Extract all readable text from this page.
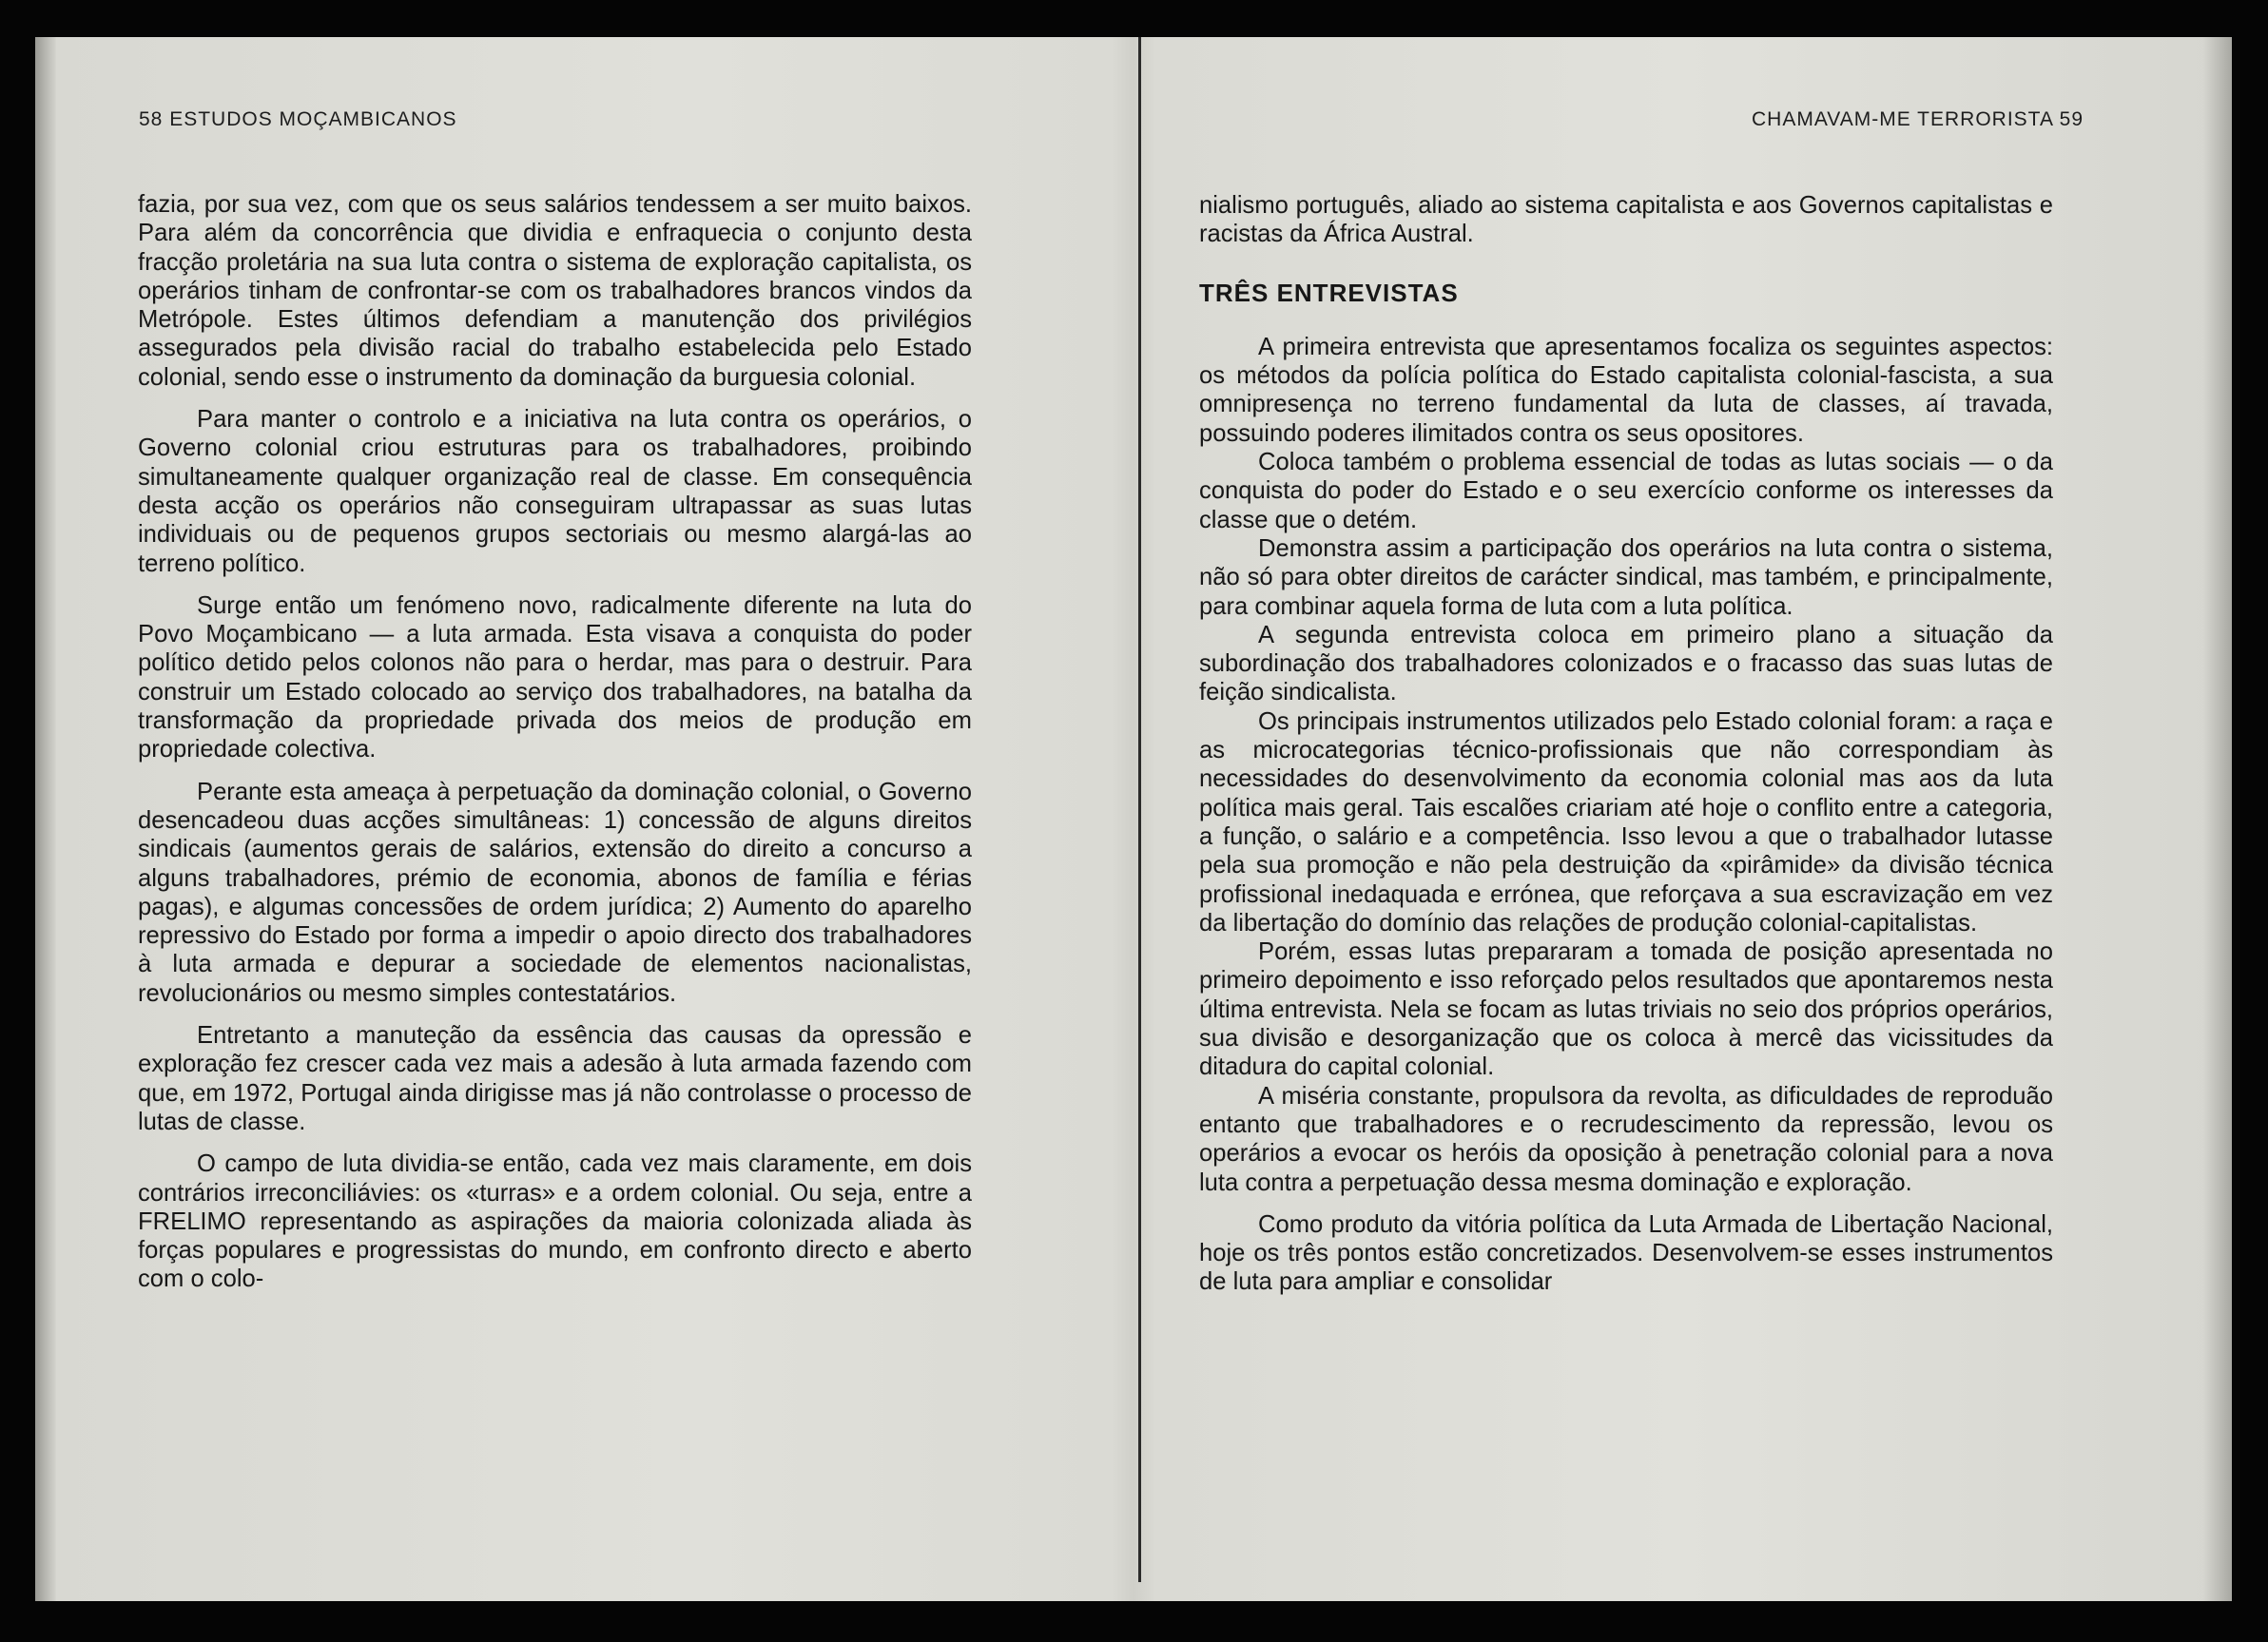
58 ESTUDOS MOÇAMBICANOS	CHAMAVAM-ME TERRORISTA 59

fazia, por sua vez, com que os seus salários tendessem a ser muito baixos. Para além da concorrência que dividia e enfraquecia o conjunto desta fracção proletária na sua luta contra o sistema de exploração capitalista, os operários tinham de confrontar-se com os trabalhadores brancos vindos da Metrópole. Estes últimos defendiam a manutenção dos privilégios assegurados pela divisão racial do trabalho estabelecida pelo Estado colonial, sendo esse o instrumento da dominação da burguesia colonial.

Para manter o controlo e a iniciativa na luta contra os operários, o Governo colonial criou estruturas para os trabalhadores, proibindo simultaneamente qualquer organização real de classe. Em consequência desta acção os operários não conseguiram ultrapassar as suas lutas individuais ou de pequenos grupos sectoriais ou mesmo alargá-las ao terreno político.

Surge então um fenómeno novo, radicalmente diferente na luta do Povo Moçambicano — a luta armada. Esta visava a conquista do poder político detido pelos colonos não para o herdar, mas para o destruir. Para construir um Estado colocado ao serviço dos trabalhadores, na batalha da transformação da propriedade privada dos meios de produção em propriedade colectiva.

Perante esta ameaça à perpetuação da dominação colonial, o Governo desencadeou duas acções simultâneas: 1) concessão de alguns direitos sindicais (aumentos gerais de salários, extensão do direito a concurso a alguns trabalhadores, prémio de economia, abonos de família e férias pagas), e algumas concessões de ordem jurídica; 2) Aumento do aparelho repressivo do Estado por forma a impedir o apoio directo dos trabalhadores à luta armada e depurar a sociedade de elementos nacionalistas, revolucionários ou mesmo simples contestatários.

Entretanto a manuteção da essência das causas da opressão e exploração fez crescer cada vez mais a adesão à luta armada fazendo com que, em 1972, Portugal ainda dirigisse mas já não controlasse o processo de lutas de classe.

O campo de luta dividia-se então, cada vez mais claramente, em dois contrários irreconciliávies: os «turras» e a ordem colonial. Ou seja, entre a FRELIMO representando as aspirações da maioria colonizada aliada às forças populares e progressistas do mundo, em confronto directo e aberto com o colo-

nialismo português, aliado ao sistema capitalista e aos Governos capitalistas e racistas da África Austral.

TRÊS ENTREVISTAS

A primeira entrevista que apresentamos focaliza os seguintes aspectos: os métodos da polícia política do Estado capitalista colonial-fascista, a sua omnipresença no terreno fundamental da luta de classes, aí travada, possuindo poderes ilimitados contra os seus opositores.

Coloca também o problema essencial de todas as lutas sociais — o da conquista do poder do Estado e o seu exercício conforme os interesses da classe que o detém.

Demonstra assim a participação dos operários na luta contra o sistema, não só para obter direitos de carácter sindical, mas também, e principalmente, para combinar aquela forma de luta com a luta política.

A segunda entrevista coloca em primeiro plano a situação da subordinação dos trabalhadores colonizados e o fracasso das suas lutas de feição sindicalista.

Os principais instrumentos utilizados pelo Estado colonial foram: a raça e as microcategorias técnico-profissionais que não correspondiam às necessidades do desenvolvimento da economia colonial mas aos da luta política mais geral. Tais escalões criariam até hoje o conflito entre a categoria, a função, o salário e a competência. Isso levou a que o trabalhador lutasse pela sua promoção e não pela destruição da «pirâmide» da divisão técnica profissional inedaquada e errónea, que reforçava a sua escravização em vez da libertação do domínio das relações de produção colonial-capitalistas.

Porém, essas lutas prepararam a tomada de posição apresentada no primeiro depoimento e isso reforçado pelos resultados que apontaremos nesta última entrevista. Nela se focam as lutas triviais no seio dos próprios operários, sua divisão e desorganização que os coloca à mercê das vicissitudes da ditadura do capital colonial.

A miséria constante, propulsora da revolta, as dificuldades de reproduão entanto que trabalhadores e o recrudescimento da repressão, levou os operários a evocar os heróis da oposição à penetração colonial para a nova luta contra a perpetuação dessa mesma dominação e exploração.

Como produto da vitória política da Luta Armada de Libertação Nacional, hoje os três pontos estão concretizados. Desenvolvem-se esses instrumentos de luta para ampliar e consolidar
